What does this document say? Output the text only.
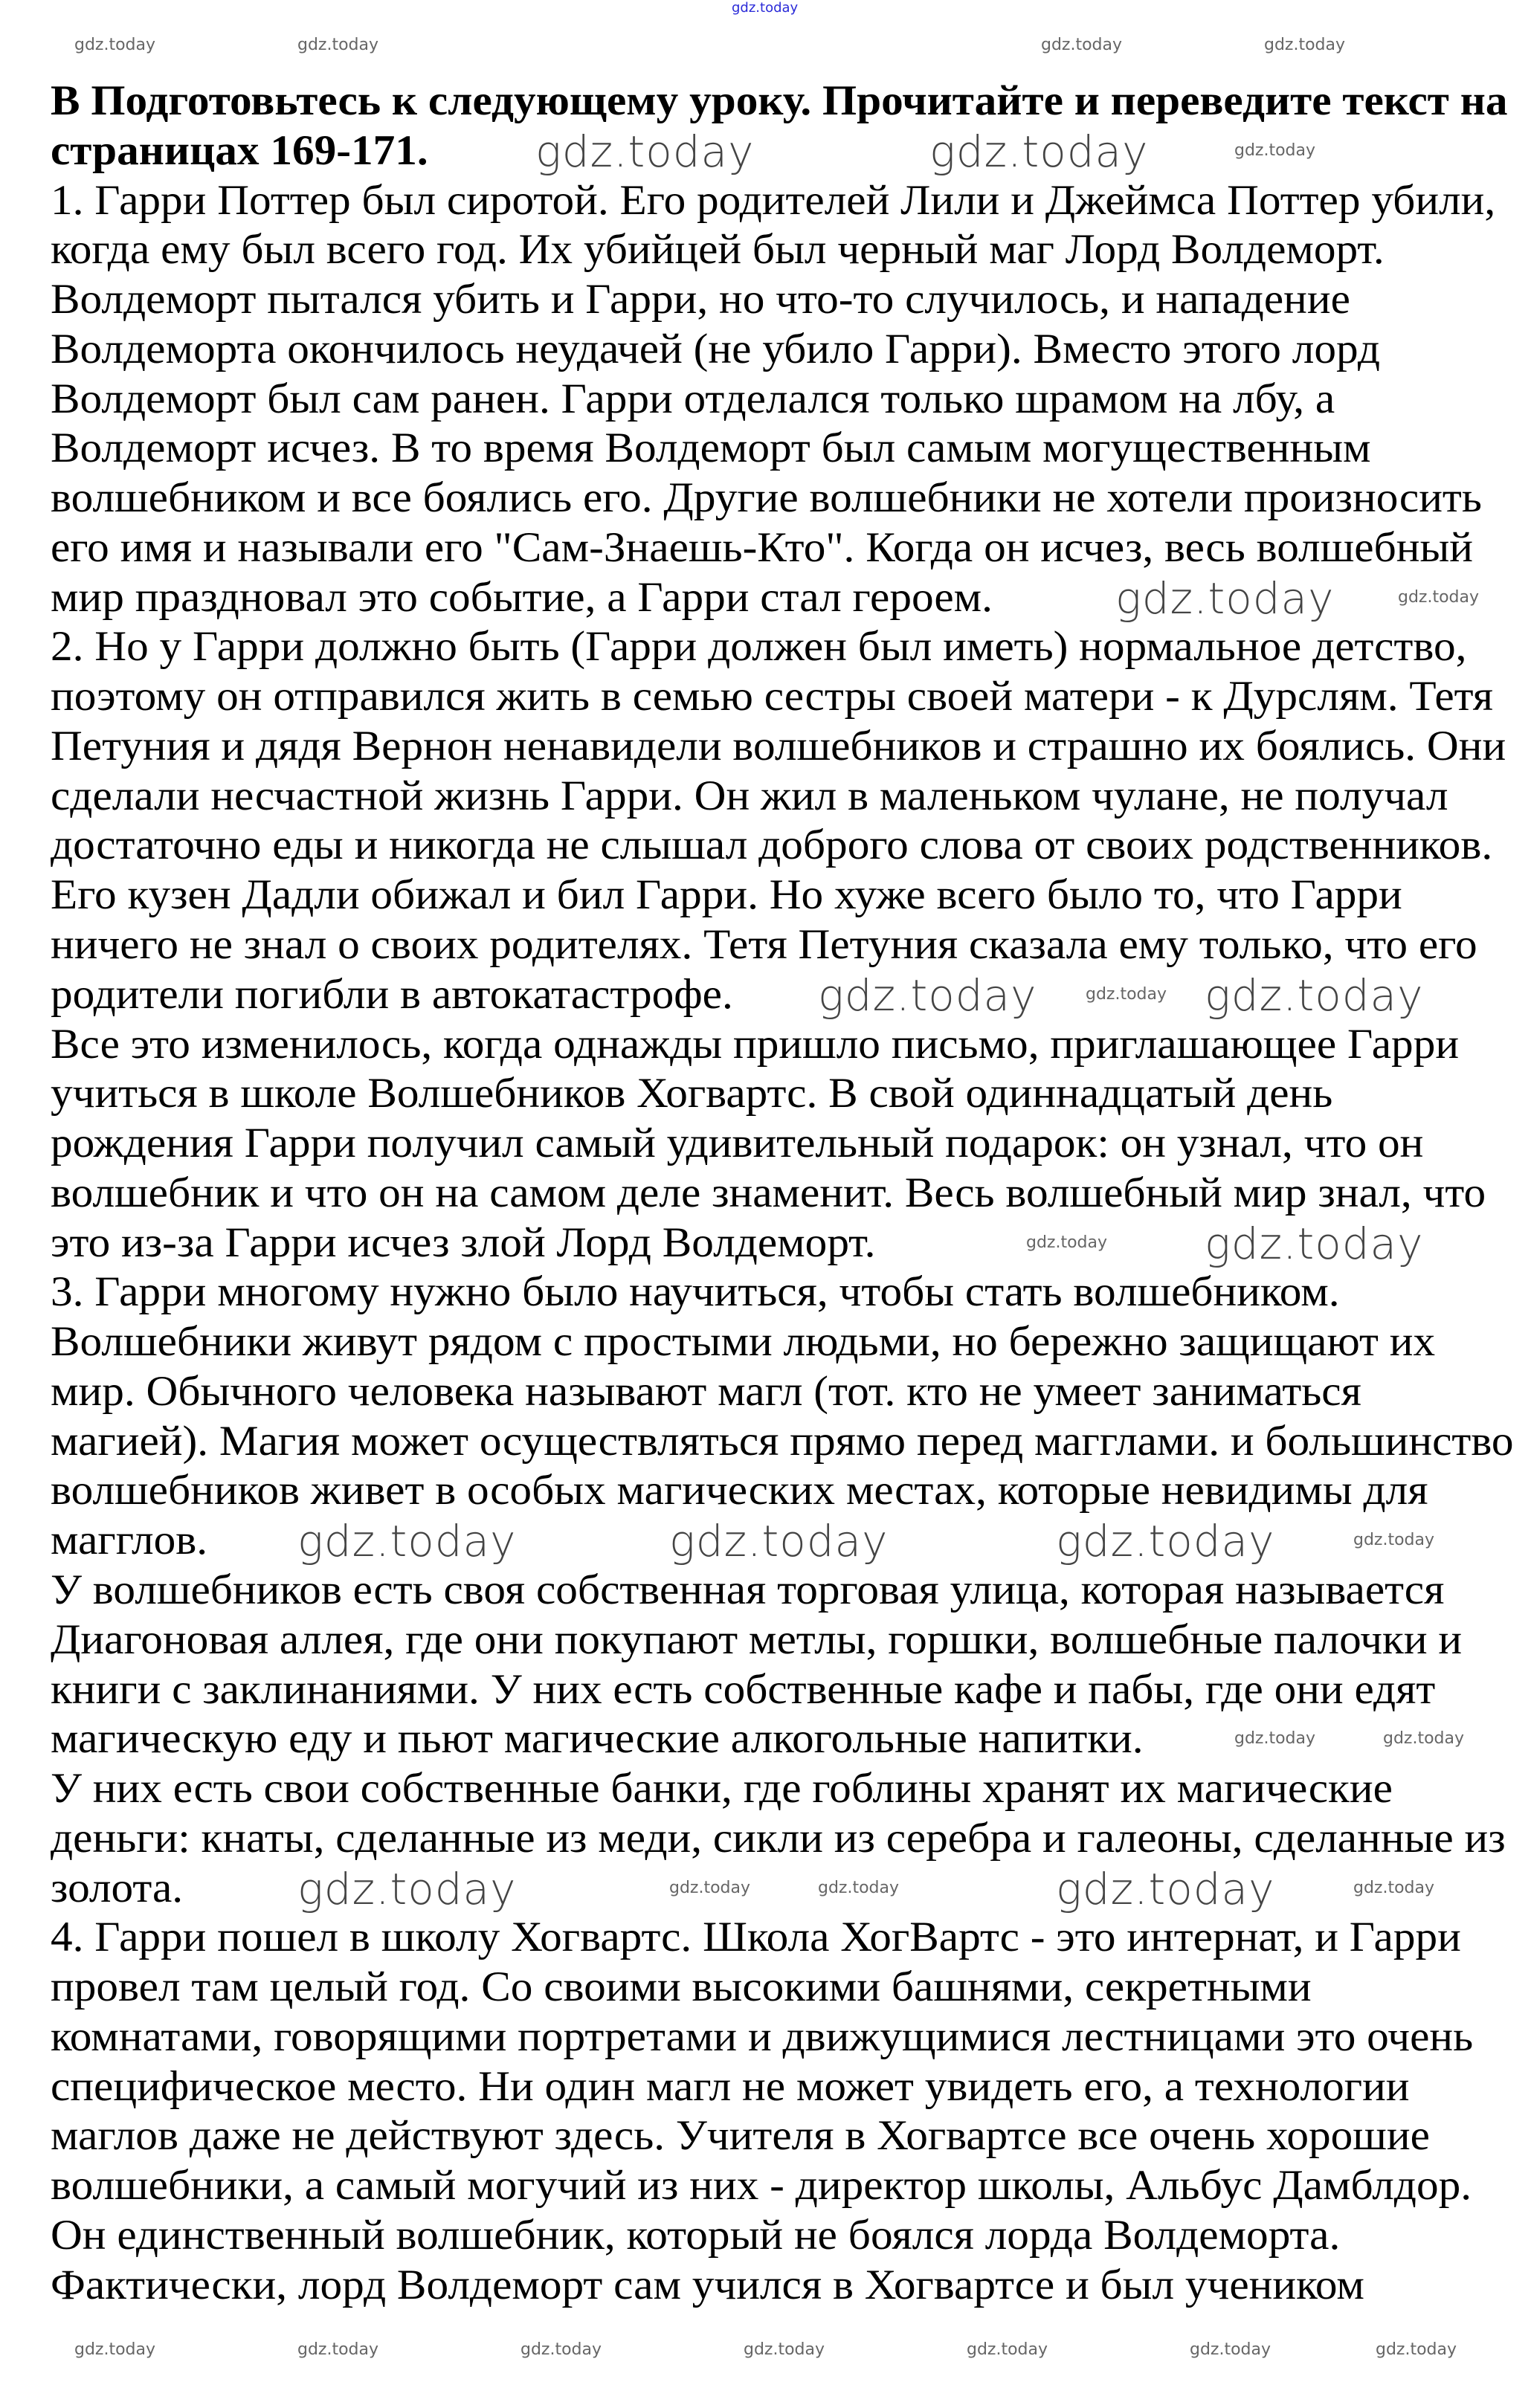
В Подготовьтесь к следующему уроку. Прочитайте и переведите текст на
страницах 169-171.
1. Гарри Поттер был сиротой. Его родителей Лили и Джеймса Поттер убили,
когда ему был всего год. Их убийцей был черный маг Лорд Волдеморт.
Волдеморт пытался убить и Гарри, но что-то случилось, и нападение
Волдеморта окончилось неудачей (не убило Гарри). Вместо этого лорд
Волдеморт был сам ранен. Гарри отделался только шрамом на лбу, а
Волдеморт исчез. В то время Волдеморт был самым могущественным
волшебником и все боялись его. Другие волшебники не хотели произносить
его имя и называли его "Сам-Знаешь-Кто". Когда он исчез, весь волшебный
мир праздновал это событие, а Гарри стал героем.
2. Но у Гарри должно быть (Гарри должен был иметь) нормальное детство,
поэтому он отправился жить в семью сестры своей матери - к Дурслям. Тетя
Петуния и дядя Вернон ненавидели волшебников и страшно их боялись. Они
сделали несчастной жизнь Гарри. Он жил в маленьком чулане, не получал
достаточно еды и никогда не слышал доброго слова от своих родственников.
Его кузен Дадли обижал и бил Гарри. Но хуже всего было то, что Гарри
ничего не знал о своих родителях. Тетя Петуния сказала ему только, что его
родители погибли в автокатастрофе.
Все это изменилось, когда однажды пришло письмо, приглашающее Гарри
учиться в школе Волшебников Хогвартс. В свой одиннадцатый день
рождения Гарри получил самый удивительный подарок: он узнал, что он
волшебник и что он на самом деле знаменит. Весь волшебный мир знал, что
это из-за Гарри исчез злой Лорд Волдеморт.
3. Гарри многому нужно было научиться, чтобы стать волшебником.
Волшебники живут рядом с простыми людьми, но бережно защищают их
мир. Обычного человека называют магл (тот. кто не умеет заниматься
магией). Магия может осуществляться прямо перед магглами. и большинство
волшебников живет в особых магических местах, которые невидимы для
магглов.
У волшебников есть своя собственная торговая улица, которая называется
Диагоновая аллея, где они покупают метлы, горшки, волшебные палочки и
книги с заклинаниями. У них есть собственные кафе и пабы, где они едят
магическую еду и пьют магические алкогольные напитки.
У них есть свои собственные банки, где гоблины хранят их магические
деньги: кнаты, сделанные из меди, сикли из серебра и галеоны, сделанные из
золота.
4. Гарри пошел в школу Хогвартс. Школа ХогВартс - это интернат, и Гарри
провел там целый год. Со своими высокими башнями, секретными
комнатами, говорящими портретами и движущимися лестницами это очень
специфическое место. Ни один магл не может увидеть его, а технологии
маглов даже не действуют здесь. Учителя в Хогвартсе все очень хорошие
волшебники, а самый могучий из них - директор школы, Альбус Дамблдор.
Он единственный волшебник, который не боялся лорда Волдеморта.
Фактически, лорд Волдеморт сам учился в Хогвартсе и был учеником
gdz.today
gdz.today	gdz.today	gdz.today	gdz.today
gdz.today	gdz.today	gdz.today
gdz.today	gdz.today
gdz.today	gdz.today gdz.today
gdz.today gdz.today
gdz.today	gdz.today	gdz.today	gdz.today
gdz.today	gdz.today
gdz.today	gdz.today	gdz.today	gdz.today	gdz.today
gdz.today	gdz.today	gdz.today	gdz.today	gdz.today	gdz.today	gdz.today
